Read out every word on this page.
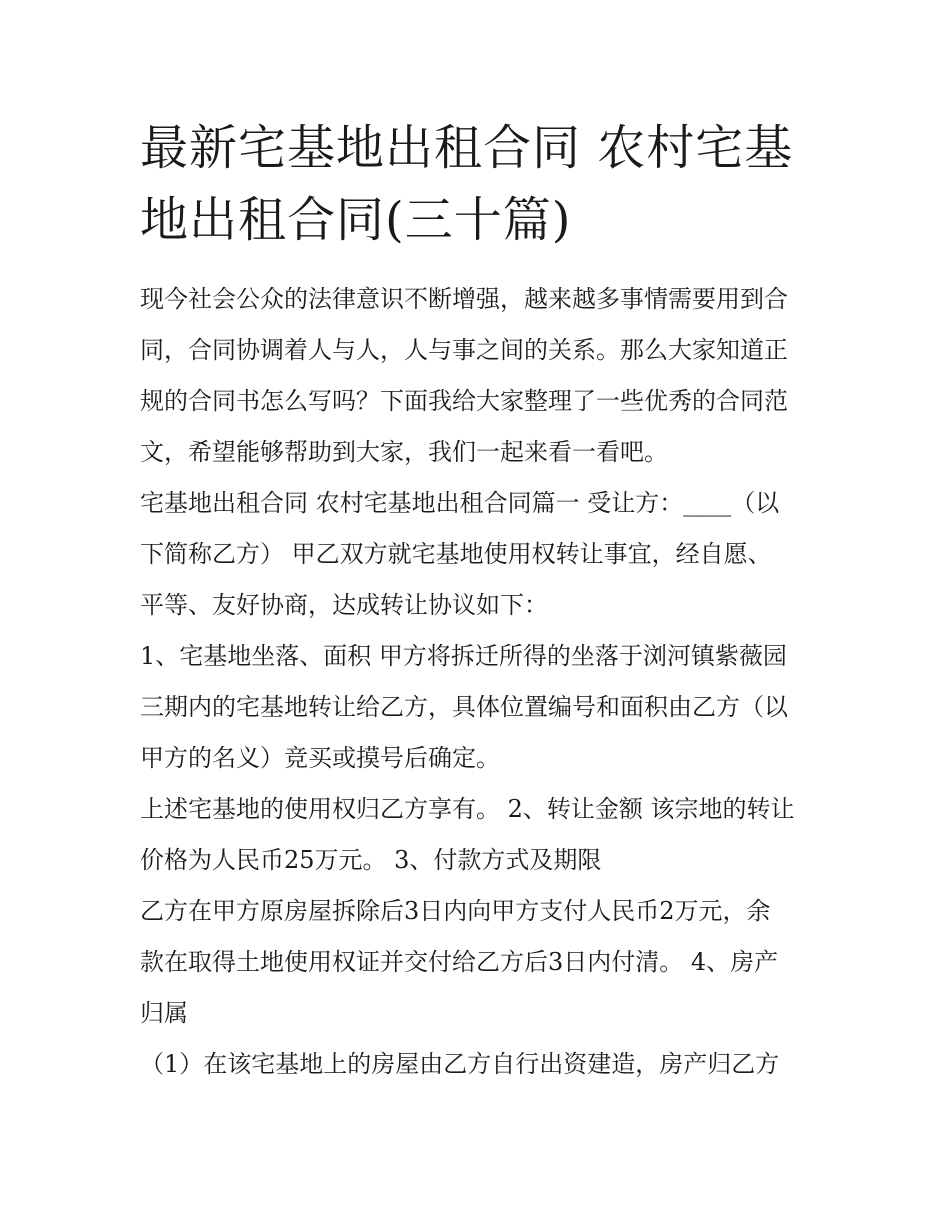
最新宅基地出租合同 农村宅基
地出租合同(三十篇)

现今社会公众的法律意识不断增强，越来越多事情需要用到合
同，合同协调着人与人，人与事之间的关系。那么大家知道正
规的合同书怎么写吗？下面我给大家整理了一些优秀的合同范
文，希望能够帮助到大家，我们一起来看一看吧。

宅基地出租合同 农村宅基地出租合同篇一 受让方：____（以
下简称乙方） 甲乙双方就宅基地使用权转让事宜，经自愿、
平等、友好协商，达成转让协议如下：

1、宅基地坐落、面积 甲方将拆迁所得的坐落于浏河镇紫薇园
三期内的宅基地转让给乙方，具体位置编号和面积由乙方（以
甲方的名义）竞买或摸号后确定。

上述宅基地的使用权归乙方享有。 2、转让金额 该宗地的转让
价格为人民币25万元。 3、付款方式及期限

乙方在甲方原房屋拆除后3日内向甲方支付人民币2万元，余
款在取得土地使用权证并交付给乙方后3日内付清。 4、房产
归属

（1）在该宅基地上的房屋由乙方自行出资建造，房产归乙方
